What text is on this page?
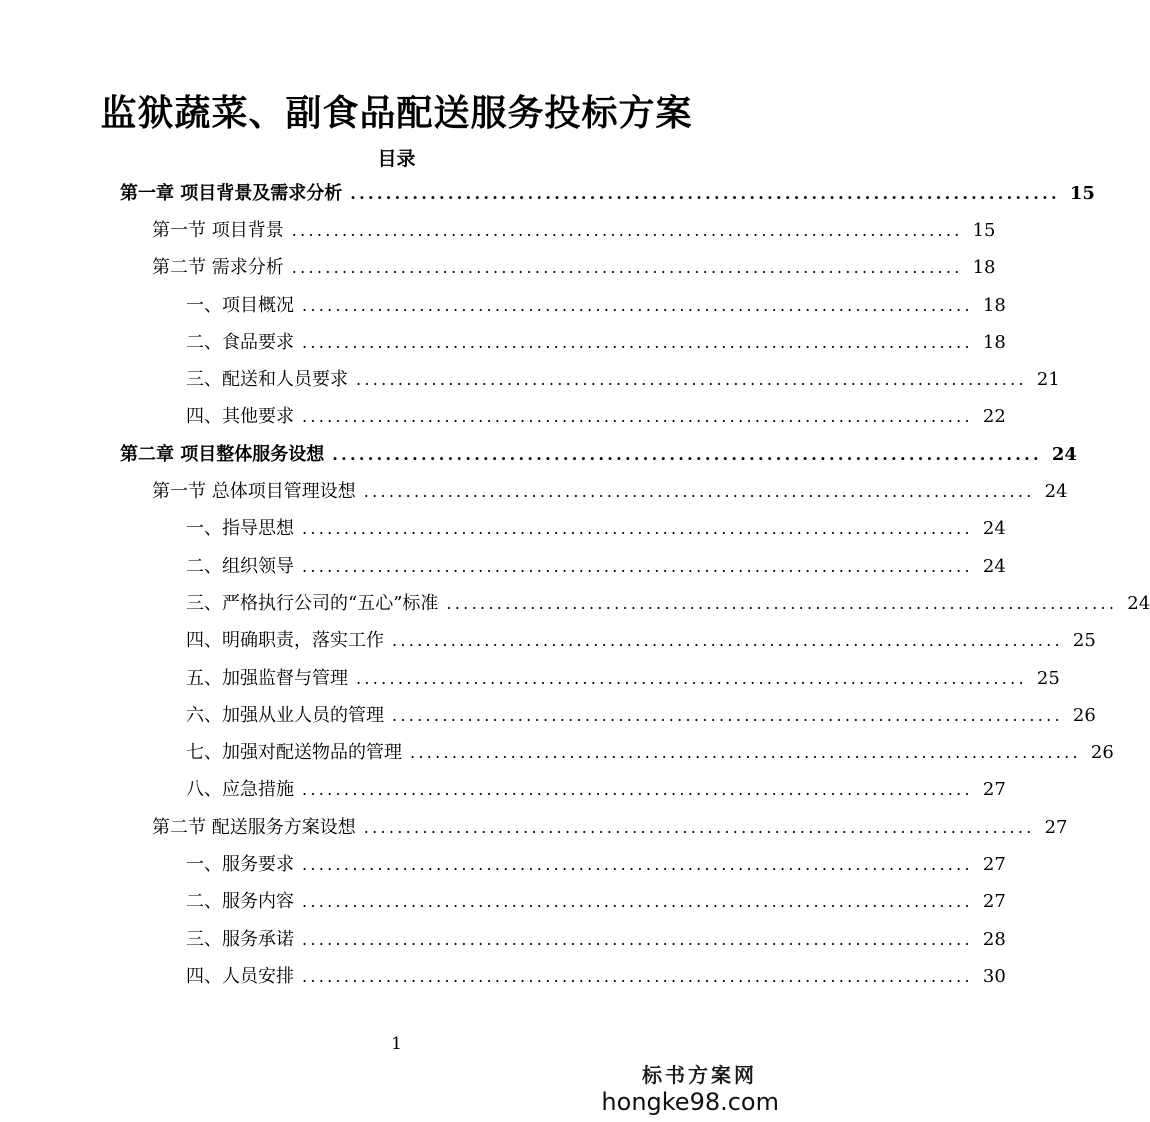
监狱蔬菜、副食品配送服务投标方案
目录
第一章 项目背景及需求分析 ................................................................................ 15
第一节 项目背景 ................................................................................ 15
第二节 需求分析 ................................................................................ 18
一、项目概况 ................................................................................ 18
二、食品要求 ................................................................................ 18
三、配送和人员要求 ................................................................................ 21
四、其他要求 ................................................................................ 22
第二章 项目整体服务设想 ................................................................................ 24
第一节 总体项目管理设想 ................................................................................ 24
一、指导思想 ................................................................................ 24
二、组织领导 ................................................................................ 24
三、严格执行公司的“五心”标准 ................................................................................ 24
四、明确职责，落实工作 ................................................................................ 25
五、加强监督与管理 ................................................................................ 25
六、加强从业人员的管理 ................................................................................ 26
七、加强对配送物品的管理 ................................................................................ 26
八、应急措施 ................................................................................ 27
第二节 配送服务方案设想 ................................................................................ 27
一、服务要求 ................................................................................ 27
二、服务内容 ................................................................................ 27
三、服务承诺 ................................................................................ 28
四、人员安排 ................................................................................ 30
1
标书方案网
hongke98.com
